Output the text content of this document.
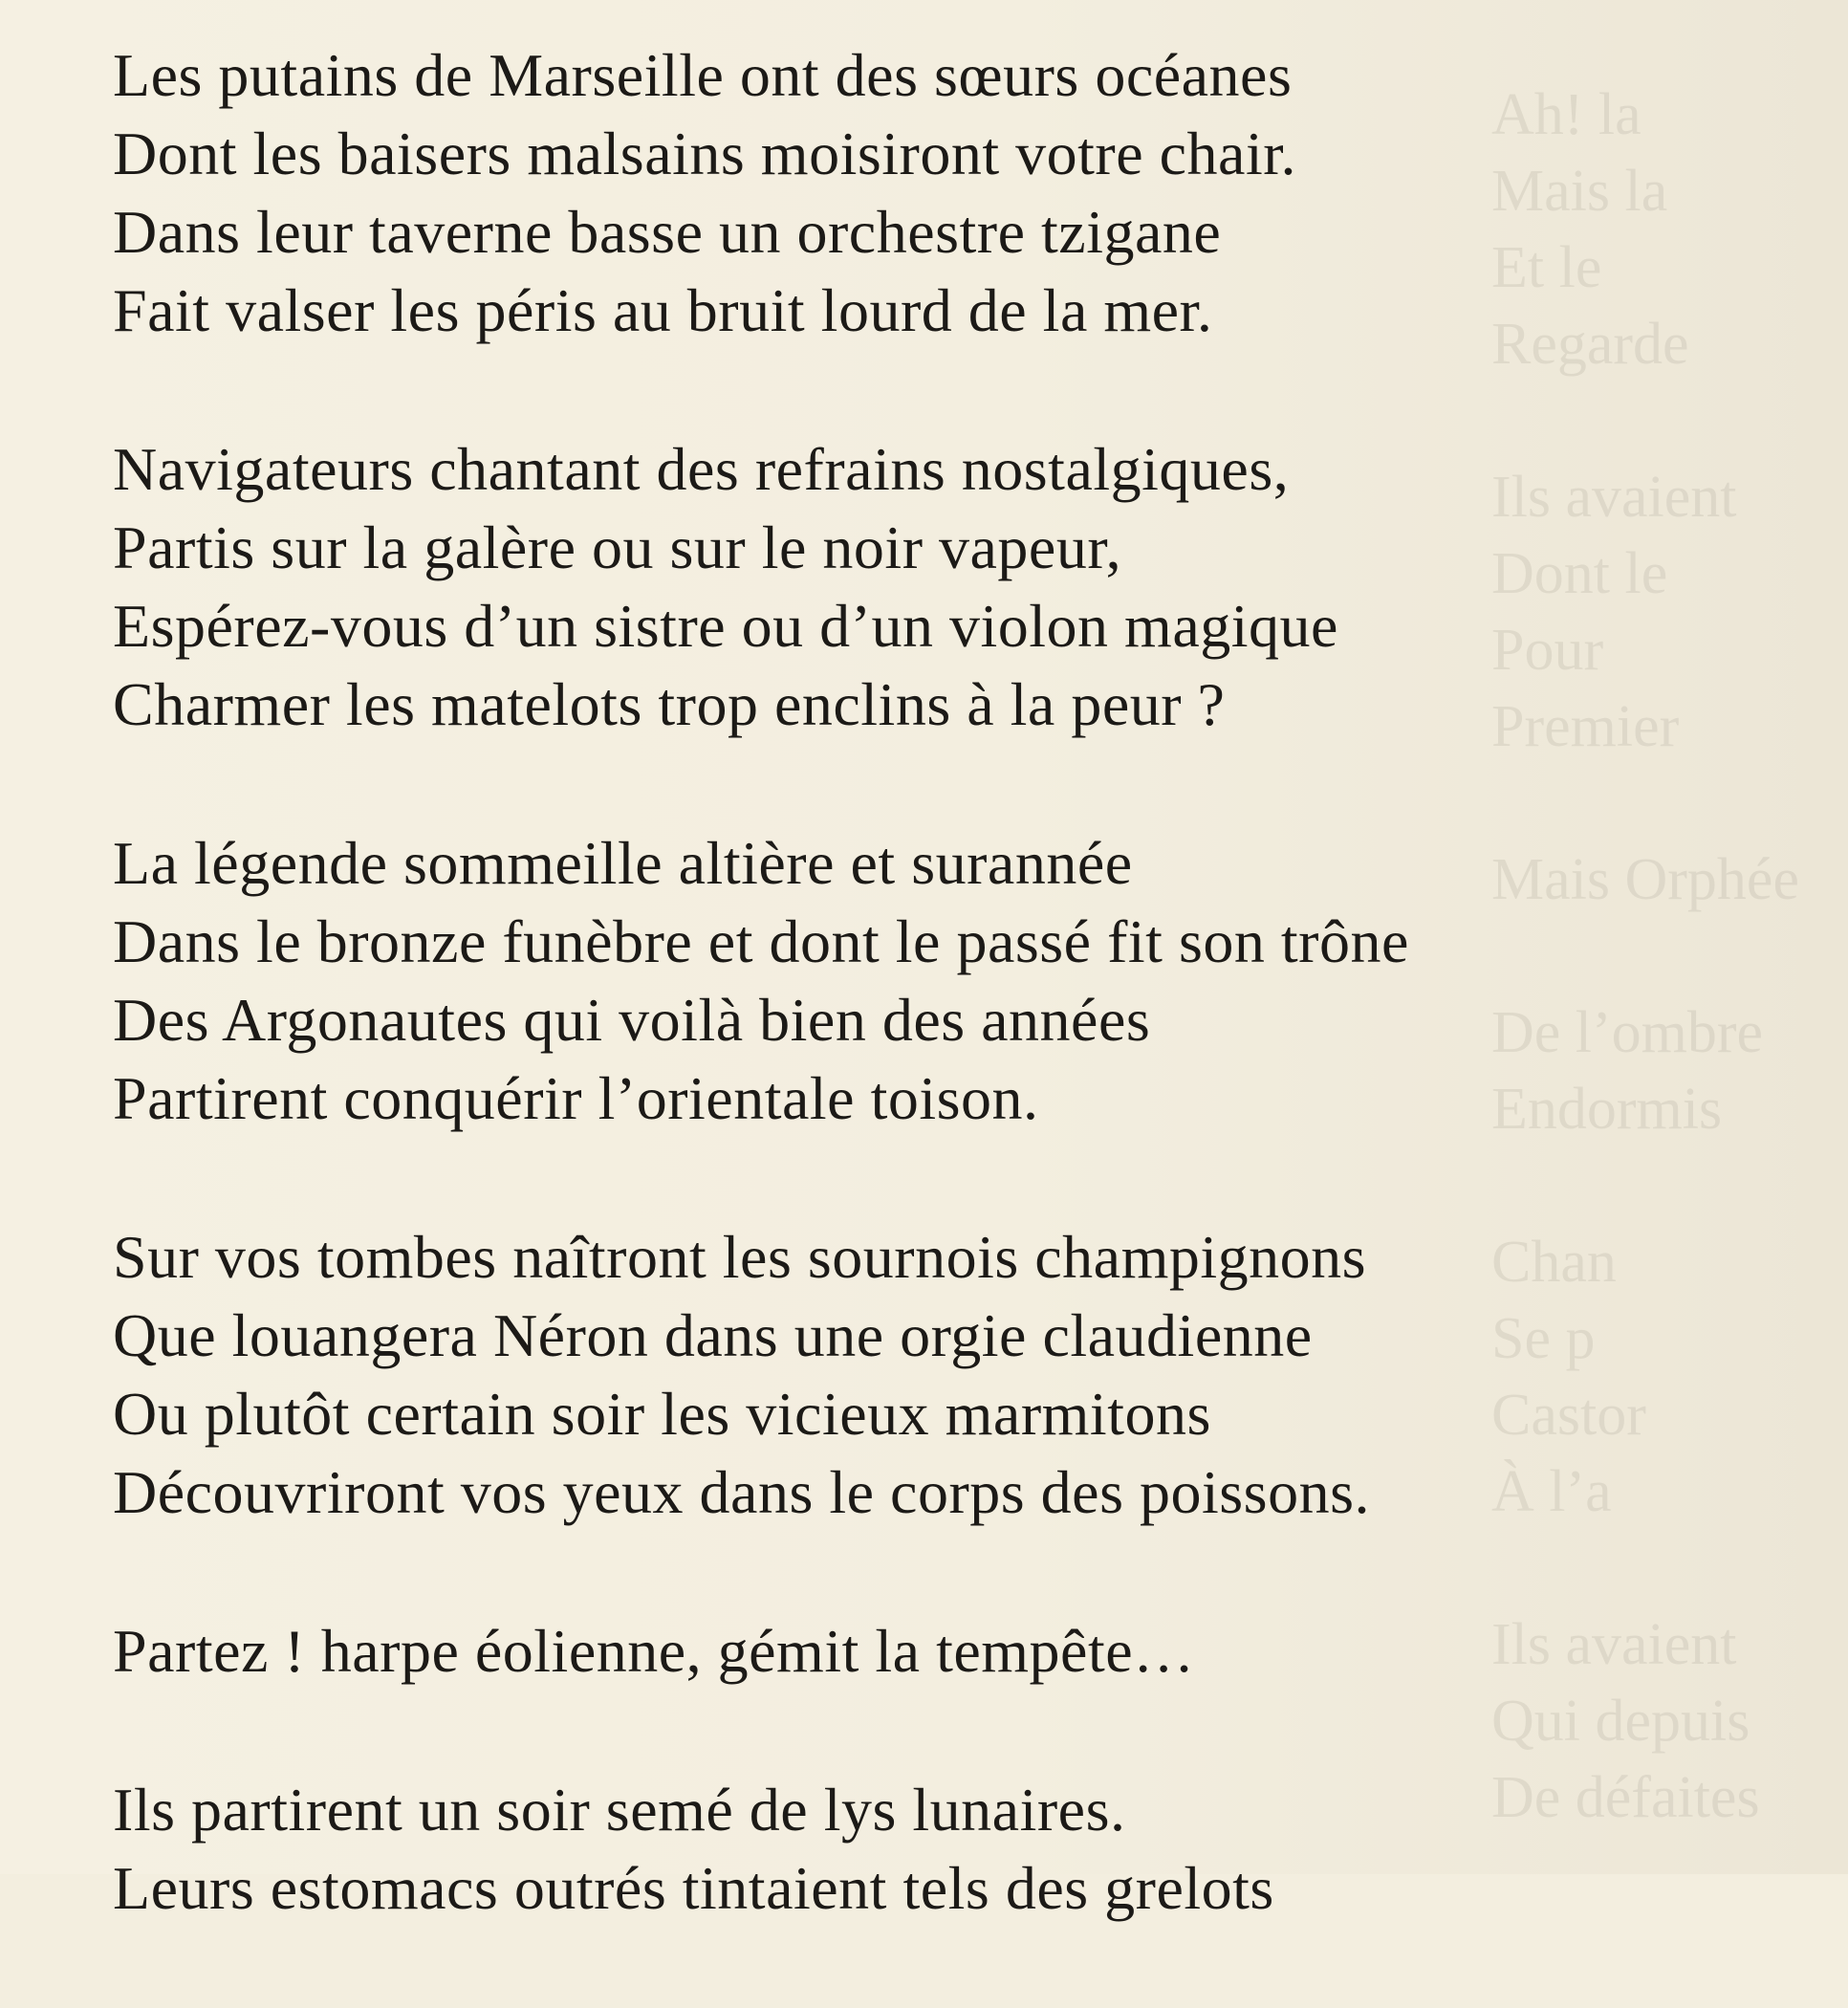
Ah! la
Mais la
Et le
Regarde

Ils avaient
Dont le
Pour
Premier

Mais Orphée

De l’ombre
Endormis

Chan
Se p
Castor
À l’a

Ils avaient
Qui depuis
De défaites
Les putains de Marseille ont des sœurs océanes
Dont les baisers malsains moisiront votre chair.
Dans leur taverne basse un orchestre tzigane
Fait valser les péris au bruit lourd de la mer.
Navigateurs chantant des refrains nostalgiques,
Partis sur la galère ou sur le noir vapeur,
Espérez-vous d’un sistre ou d’un violon magique
Charmer les matelots trop enclins à la peur ?
La légende sommeille altière et surannée
Dans le bronze funèbre et dont le passé fit son trône
Des Argonautes qui voilà bien des années
Partirent conquérir l’orientale toison.
Sur vos tombes naîtront les sournois champignons
Que louangera Néron dans une orgie claudienne
Ou plutôt certain soir les vicieux marmitons
Découvriront vos yeux dans le corps des poissons.
Partez ! harpe éolienne, gémit la tempête…
Ils partirent un soir semé de lys lunaires.
Leurs estomacs outrés tintaient tels des grelots
